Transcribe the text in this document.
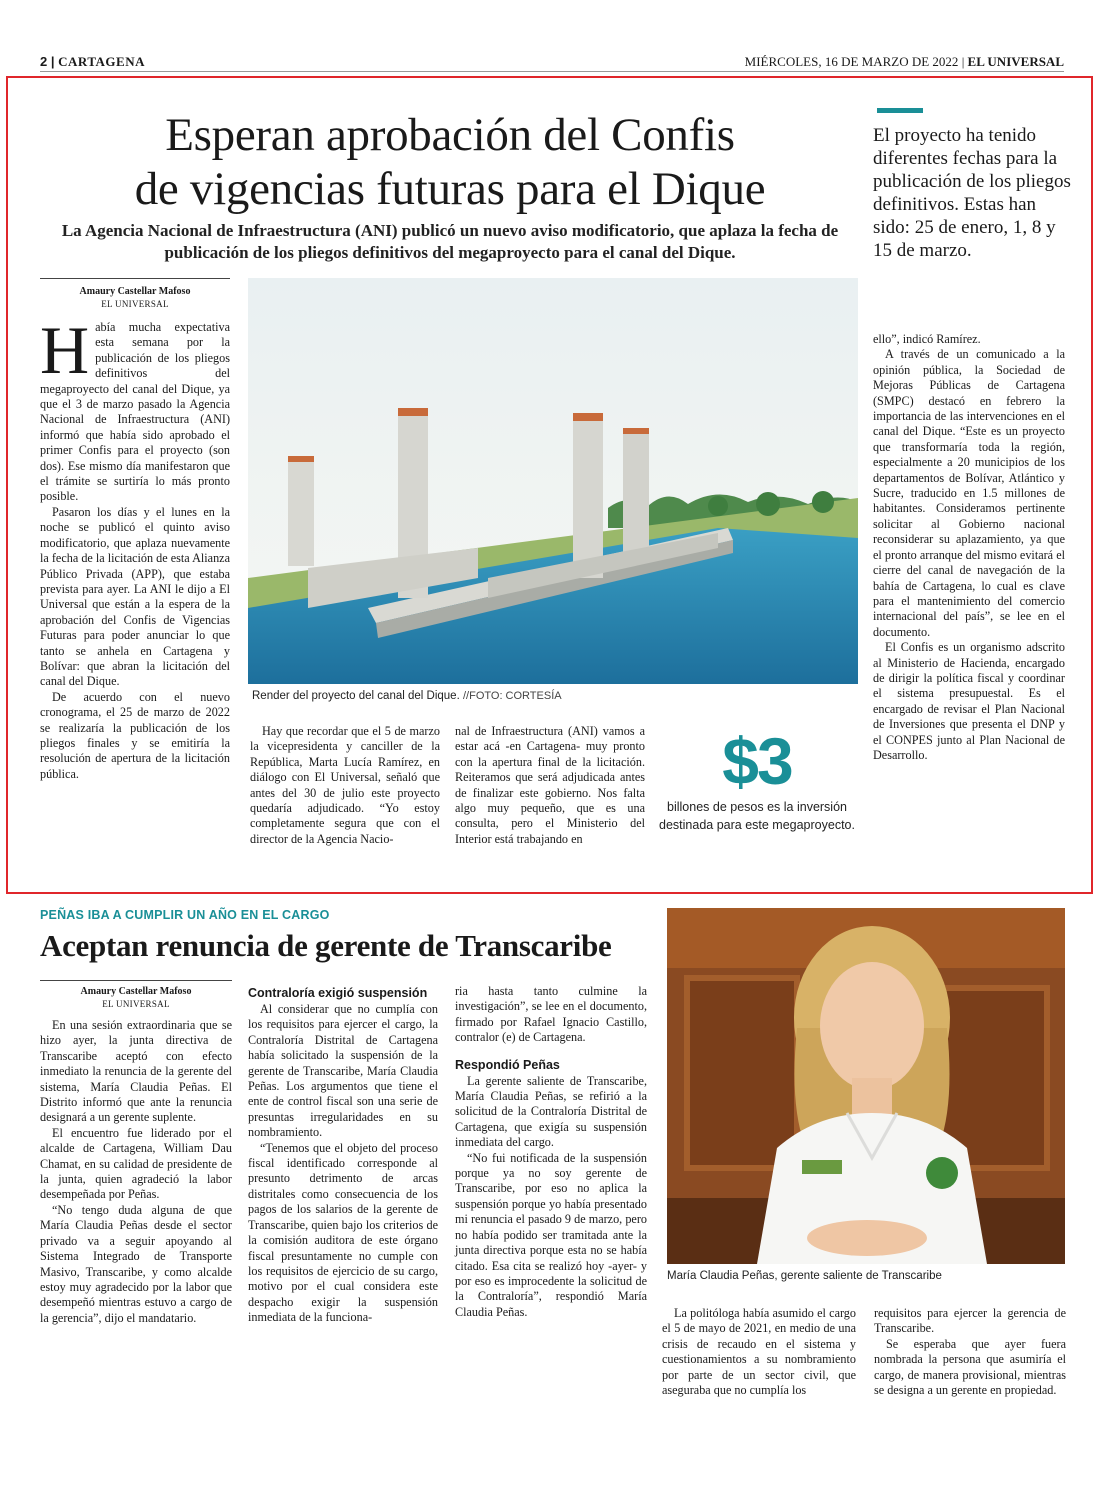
2 | CARTAGENA	MIÉRCOLES, 16 DE MARZO DE 2022 | EL UNIVERSAL
Esperan aprobación del Confis
de vigencias futuras para el Dique
La Agencia Nacional de Infraestructura (ANI) publicó un nuevo aviso modificatorio, que aplaza la fecha de publicación de los pliegos definitivos del megaproyecto para el canal del Dique.
El proyecto ha tenido diferentes fechas para la publicación de los pliegos definitivos. Estas han sido: 25 de enero, 1, 8 y 15 de marzo.
Amaury Castellar Mafoso
EL UNIVERSAL

Había mucha expectativa esta semana por la publicación de los pliegos definitivos del megaproyecto del canal del Dique, ya que el 3 de marzo pasado la Agencia Nacional de Infraestructura (ANI) informó que había sido aprobado el primer Confis para el proyecto (son dos). Ese mismo día manifestaron que el trámite se surtiría lo más pronto posible.

Pasaron los días y el lunes en la noche se publicó el quinto aviso modificatorio, que aplaza nuevamente la fecha de la licitación de esta Alianza Público Privada (APP), que estaba prevista para ayer. La ANI le dijo a El Universal que están a la espera de la aprobación del Confis de Vigencias Futuras para poder anunciar lo que tanto se anhela en Cartagena y Bolívar: que abran la licitación del canal del Dique.

De acuerdo con el nuevo cronograma, el 25 de marzo de 2022 se realizaría la publicación de los pliegos finales y se emitiría la resolución de apertura de la licitación pública.

Render del proyecto del canal del Dique. //FOTO: CORTESÍA

Hay que recordar que el 5 de marzo la vicepresidenta y canciller de la República, Marta Lucía Ramírez, en diálogo con El Universal, señaló que antes del 30 de julio este proyecto quedaría adjudicado. “Yo estoy completamente segura que con el director de la Agencia Nacio-

nal de Infraestructura (ANI) vamos a estar acá -en Cartagena- muy pronto con la apertura final de la licitación. Reiteramos que será adjudicada antes de finalizar este gobierno. Nos falta algo muy pequeño, que es una consulta, pero el Ministerio del Interior está trabajando en

$3
billones de pesos es la inversión destinada para este megaproyecto.

ello”, indicó Ramírez.

A través de un comunicado a la opinión pública, la Sociedad de Mejoras Públicas de Cartagena (SMPC) destacó en febrero la importancia de las intervenciones en el canal del Dique. “Este es un proyecto que transformaría toda la región, especialmente a 20 municipios de los departamentos de Bolívar, Atlántico y Sucre, traducido en 1.5 millones de habitantes. Consideramos pertinente solicitar al Gobierno nacional reconsiderar su aplazamiento, ya que el pronto arranque del mismo evitará el cierre del canal de navegación de la bahía de Cartagena, lo cual es clave para el mantenimiento del comercio internacional del país”, se lee en el documento.

El Confis es un organismo adscrito al Ministerio de Hacienda, encargado de dirigir la política fiscal y coordinar el sistema presupuestal. Es el encargado de revisar el Plan Nacional de Inversiones que presenta el DNP y el CONPES junto al Plan Nacional de Desarrollo.

PEÑAS IBA A CUMPLIR UN AÑO EN EL CARGO
Aceptan renuncia de gerente de Transcaribe
Amaury Castellar Mafoso
EL UNIVERSAL

En una sesión extraordinaria que se hizo ayer, la junta directiva de Transcaribe aceptó con efecto inmediato la renuncia de la gerente del sistema, María Claudia Peñas. El Distrito informó que ante la renuncia designará a un gerente suplente.

El encuentro fue liderado por el alcalde de Cartagena, William Dau Chamat, en su calidad de presidente de la junta, quien agradeció la labor desempeñada por Peñas.

“No tengo duda alguna de que María Claudia Peñas desde el sector privado va a seguir apoyando al Sistema Integrado de Transporte Masivo, Transcaribe, y como alcalde estoy muy agradecido por la labor que desempeñó mientras estuvo a cargo de la gerencia”, dijo el mandatario.

Contraloría exigió suspensión

Al considerar que no cumplía con los requisitos para ejercer el cargo, la Contraloría Distrital de Cartagena había solicitado la suspensión de la gerente de Transcaribe, María Claudia Peñas. Los argumentos que tiene el ente de control fiscal son una serie de presuntas irregularidades en su nombramiento.

“Tenemos que el objeto del proceso fiscal identificado corresponde al presunto detrimento de arcas distritales como consecuencia de los pagos de los salarios de la gerente de Transcaribe, quien bajo los criterios de la comisión auditora de este órgano fiscal presuntamente no cumple con los requisitos de ejercicio de su cargo, motivo por el cual considera este despacho exigir la suspensión inmediata de la funciona-

ria hasta tanto culmine la investigación”, se lee en el documento, firmado por Rafael Ignacio Castillo, contralor (e) de Cartagena.

Respondió Peñas

La gerente saliente de Transcaribe, María Claudia Peñas, se refirió a la solicitud de la Contraloría Distrital de Cartagena, que exigía su suspensión inmediata del cargo.

“No fui notificada de la suspensión porque ya no soy gerente de Transcaribe, por eso no aplica la suspensión porque yo había presentado mi renuncia el pasado 9 de marzo, pero no había podido ser tramitada ante la junta directiva porque esta no se había citado. Esa cita se realizó hoy -ayer- y por eso es improcedente la solicitud de la Contraloría”, respondió María Claudia Peñas.

María Claudia Peñas, gerente saliente de Transcaribe

La politóloga había asumido el cargo el 5 de mayo de 2021, en medio de una crisis de recaudo en el sistema y cuestionamientos a su nombramiento por parte de un sector civil, que aseguraba que no cumplía los

requisitos para ejercer la gerencia de Transcaribe.

Se esperaba que ayer fuera nombrada la persona que asumiría el cargo, de manera provisional, mientras se designa a un gerente en propiedad.
